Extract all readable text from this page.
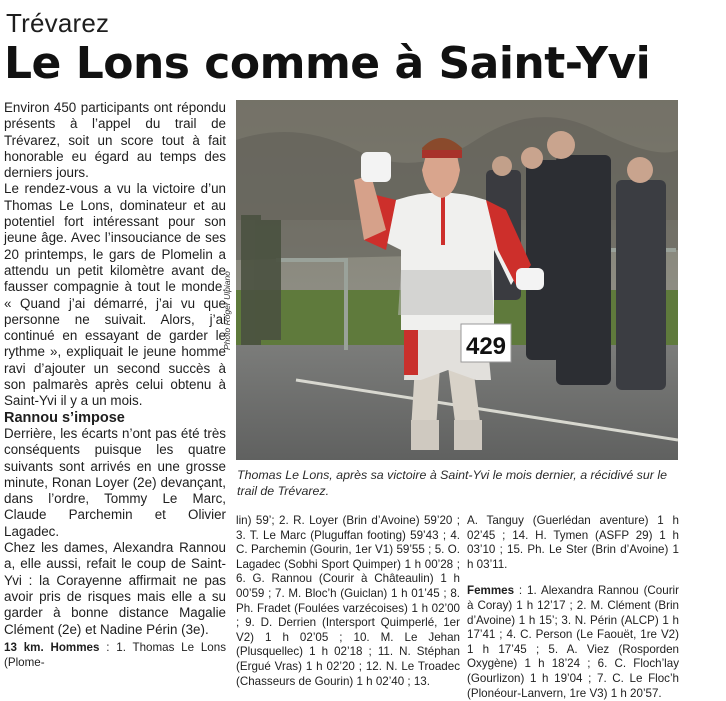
Trévarez
Le Lons comme à Saint-Yvi

Environ 450 participants ont répondu présents à l’appel du trail de Trévarez, soit un score tout à fait honorable eu égard au temps des derniers jours.

Le rendez-vous a vu la victoire d’un Thomas Le Lons, dominateur et au potentiel fort intéressant pour son jeune âge. Avec l’insouciance de ses 20 printemps, le gars de Plomelin a attendu un petit kilomètre avant de fausser compagnie à tout le monde. « Quand j’ai démarré, j’ai vu que personne ne suivait. Alors, j’ai continué en essayant de garder le rythme », expliquait le jeune homme ravi d’ajouter un second succès à son palmarès après celui obtenu à Saint-Yvi il y a un mois.

Rannou s’impose

Derrière, les écarts n’ont pas été très conséquents puisque les quatre suivants sont arrivés en une grosse minute, Ronan Loyer (2e) devançant, dans l’ordre, Tommy Le Marc, Claude Parchemin et Olivier Lagadec.

Chez les dames, Alexandra Rannou a, elle aussi, refait le coup de Saint-Yvi : la Corayenne affirmait ne pas avoir pris de risques mais elle a su garder à bonne distance Magalie Clément (2e) et Nadine Périn (3e).

429
Photo Roger Ulpiano
Thomas Le Lons, après sa victoire à Saint-Yvi le mois dernier, a récidivé sur le trail de Trévarez.

13 km. Hommes : 1. Thomas Le Lons (Plome-

lin) 59’; 2. R. Loyer (Brin d’Avoine) 59’20 ; 3. T. Le Marc (Pluguffan footing) 59’43 ; 4. C. Parchemin (Gourin, 1er V1) 59’55 ; 5. O. Lagadec (Sobhi Sport Quimper) 1 h 00’28 ; 6. G. Rannou (Courir à Châteaulin) 1 h 00’59 ; 7. M. Bloc’h (Guiclan) 1 h 01’45 ; 8. Ph. Fradet (Foulées varzécoises) 1 h 02’00 ; 9. D. Derrien (Intersport Quimperlé, 1er V2) 1 h 02’05 ; 10. M. Le Jehan (Plusquellec) 1 h 02’18 ; 11. N. Stéphan (Ergué Vras) 1 h 02’20 ; 12. N. Le Troadec (Chasseurs de Gourin) 1 h 02’40 ; 13.

A. Tanguy (Guerlédan aventure) 1 h 02’45 ; 14. H. Tymen (ASFP 29) 1 h 03’10 ; 15. Ph. Le Ster (Brin d’Avoine) 1 h 03’11.

Femmes : 1. Alexandra Rannou (Courir à Coray) 1 h 12’17 ; 2. M. Clément (Brin d’Avoine) 1 h 15’; 3. N. Périn (ALCP) 1 h 17’41 ; 4. C. Person (Le Faouët, 1re V2) 1 h 17’45 ; 5. A. Viez (Rosporden Oxygène) 1 h 18’24 ; 6. C. Floch’lay (Gourlizon) 1 h 19’04 ; 7. C. Le Floc’h (Plonéour-Lanvern, 1re V3) 1 h 20’57.
